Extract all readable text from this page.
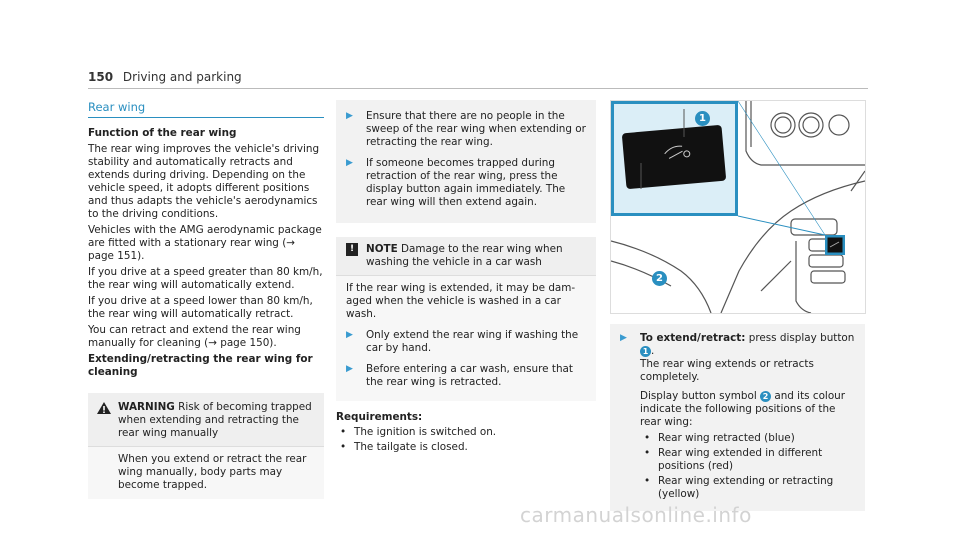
150 Driving and parking
Rear wing

Function of the rear wing

The rear wing improves the vehicle's driving stability and automatically retracts and extends during driving. Depending on the vehicle speed, it adopts different positions and thus adapts the vehicle's aerodynamics to the driving conditions.

Vehicles with the AMG aerodynamic package are fitted with a stationary rear wing (→ page 151).

If you drive at a speed greater than 80 km/h, the rear wing will automatically extend.

If you drive at a speed lower than 80 km/h, the rear wing will automatically retract.

You can retract and extend the rear wing manually for cleaning (→ page 150).

Extending/retracting the rear wing for cleaning

WARNING Risk of becoming trapped when extending and retracting the rear wing manually
When you extend or retract the rear wing manually, body parts may become trapped.
▶ Ensure that there are no people in the sweep of the rear wing when extending or retracting the rear wing.
▶ If someone becomes trapped during retraction of the rear wing, press the display button again immediately. The rear wing will then extend again.
!	NOTE Damage to the rear wing when washing the vehicle in a car wash

If the rear wing is extended, it may be damaged when the vehicle is washed in a car wash.

▶ Only extend the rear wing if washing the car by hand.
▶ Before entering a car wash, ensure that the rear wing is retracted.

Requirements:

• The ignition is switched on.
• The tailgate is closed.
1
2
▶ To extend/retract: press display button 1 .
The rear wing extends or retracts completely.

Display button symbol 2 and its colour indicate the following positions of the rear wing:

• Rear wing retracted (blue)
• Rear wing extended in different positions (red)
• Rear wing extending or retracting (yellow)
carmanualsonline.info
